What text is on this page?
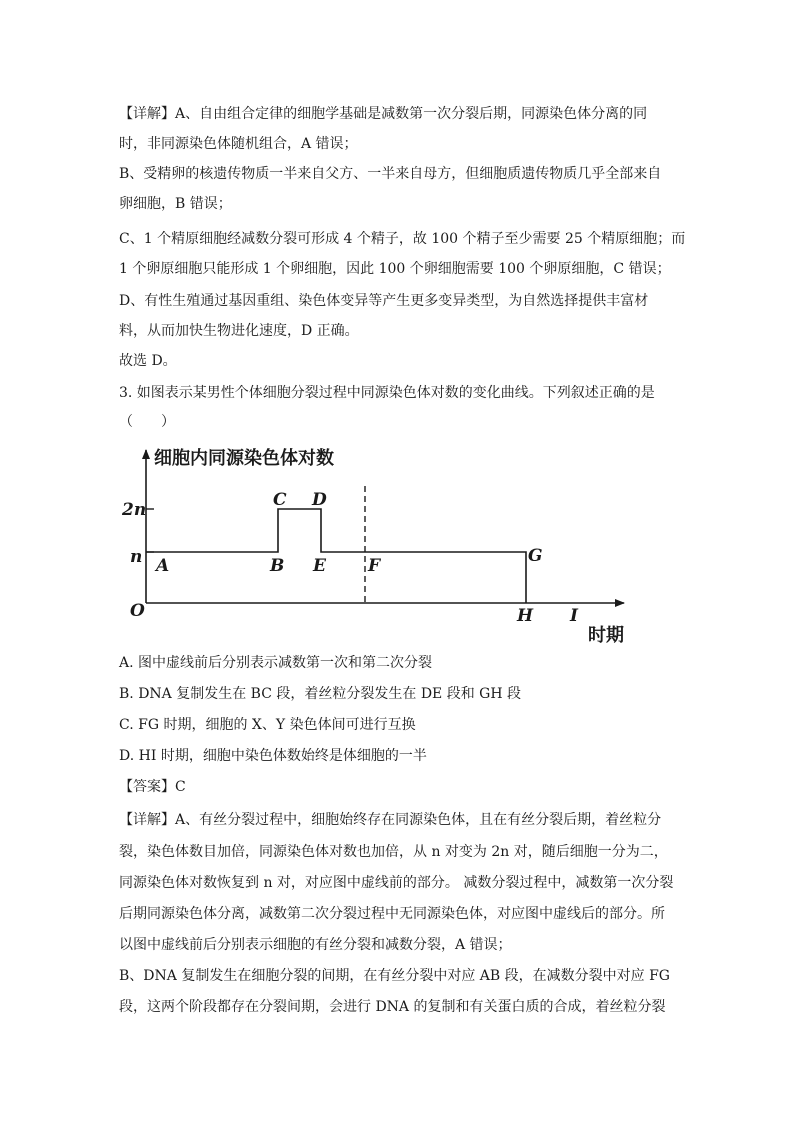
【详解】A、自由组合定律的细胞学基础是减数第一次分裂后期，同源染色体分离的同
时，非同源染色体随机组合，A 错误；
B、受精卵的核遗传物质一半来自父方、一半来自母方，但细胞质遗传物质几乎全部来自
卵细胞，B 错误；
C、1 个精原细胞经减数分裂可形成 4 个精子，故 100 个精子至少需要 25 个精原细胞；而
1 个卵原细胞只能形成 1 个卵细胞，因此 100 个卵细胞需要 100 个卵原细胞，C 错误；
D、有性生殖通过基因重组、染色体变异等产生更多变异类型，为自然选择提供丰富材
料，从而加快生物进化速度，D 正确。
故选 D。
3. 如图表示某男性个体细胞分裂过程中同源染色体对数的变化曲线。下列叙述正确的是
（　　）
细胞内同源染色体对数
时期
2n
n
O
A	B
C D
E F	G
H I
A. 图中虚线前后分别表示减数第一次和第二次分裂
B. DNA 复制发生在 BC 段，着丝粒分裂发生在 DE 段和 GH 段
C. FG 时期，细胞的 X、Y 染色体间可进行互换
D. HI 时期，细胞中染色体数始终是体细胞的一半
【答案】C
【详解】A、有丝分裂过程中，细胞始终存在同源染色体，且在有丝分裂后期，着丝粒分
裂，染色体数目加倍，同源染色体对数也加倍，从 n 对变为 2n 对，随后细胞一分为二，
同源染色体对数恢复到 n 对，对应图中虚线前的部分。 减数分裂过程中，减数第一次分裂
后期同源染色体分离，减数第二次分裂过程中无同源染色体，对应图中虚线后的部分。所
以图中虚线前后分别表示细胞的有丝分裂和减数分裂，A 错误；
B、DNA 复制发生在细胞分裂的间期，在有丝分裂中对应 AB 段，在减数分裂中对应 FG
段，这两个阶段都存在分裂间期，会进行 DNA 的复制和有关蛋白质的合成，着丝粒分裂
